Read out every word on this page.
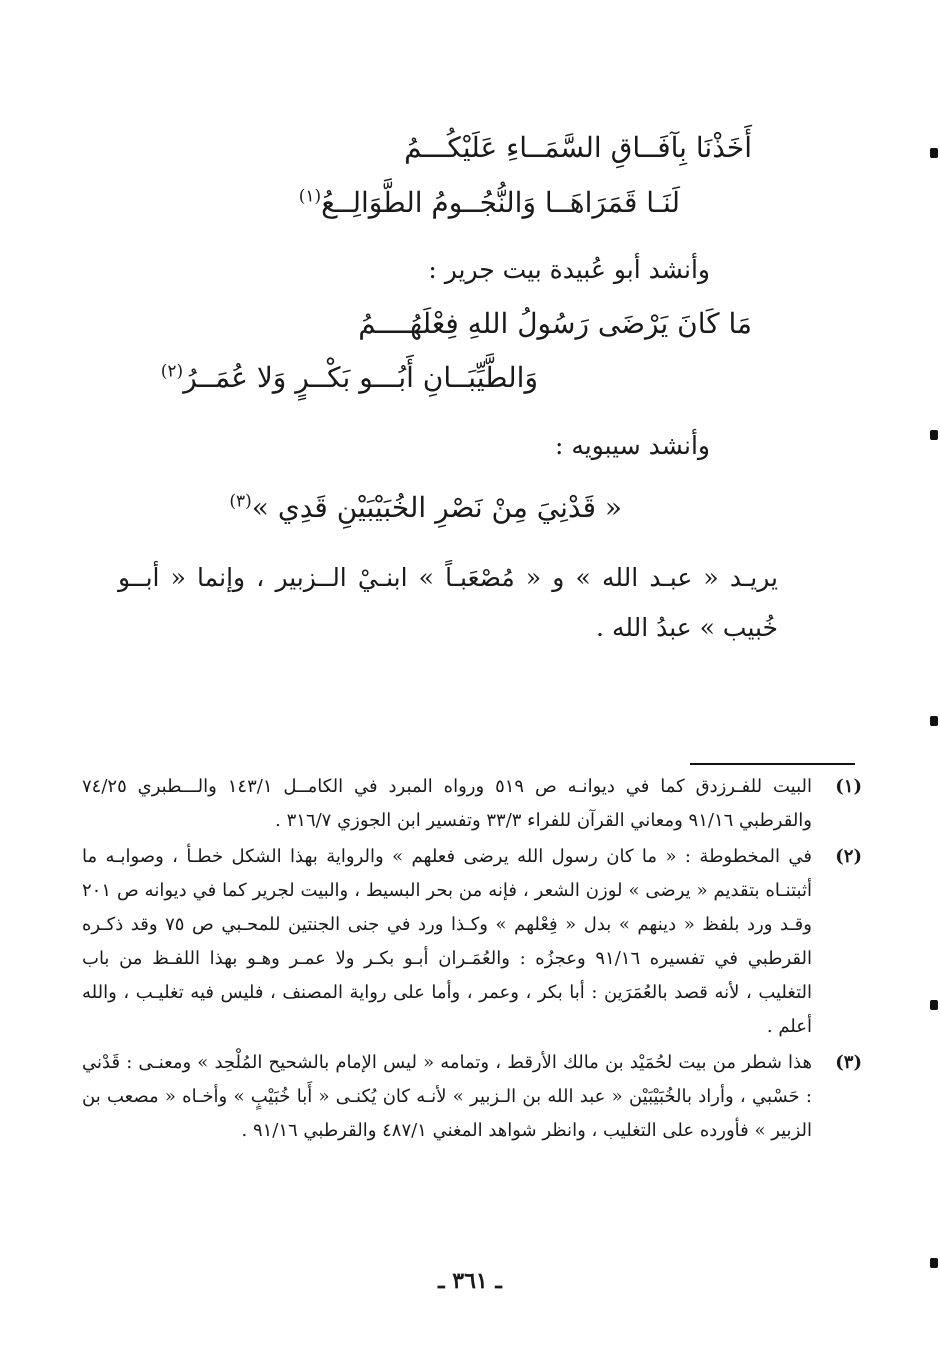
أَخَذْنَا بِآفَــاقِ السَّمَــاءِ عَلَيْكُـــمُ
لَنَـا قَمَرَاهَــا وَالنُّجُــومُ الطَّوَالِــعُ$^{(١)}$
وأنشد أبو عُبيدة بيت جرير :
مَا كَانَ يَرْضَى رَسُولُ اللهِ فِعْلَهُــــمُ
وَالطَّيِّبَــانِ أَبُـــو بَكْــرٍ وَلا عُمَــرُ$^{(٢)}$
وأنشد سيبويه :
« قَدْنِيَ مِنْ نَصْرِ الخُبَيْبَيْنِ قَدِي »$^{(٣)}$
يريـد « عبـد الله » و « مُصْعَبـاً » ابنـيْ الــزبير ، وإنما « أبــو خُبيب » عبدُ الله .
(١)
البيت للفـرزدق كما في ديوانـه ص ٥١٩ ورواه المبرد في الكامــل ١٤٣/١ والـــطبري ٧٤/٢٥ والقرطبي ٩١/١٦ ومعاني القرآن للفراء ٣٣/٣ وتفسير ابن الجوزي ٣١٦/٧ .
(٢)
في المخطوطة : « ما كان رسول الله يرضى فعلهم » والرواية بهذا الشكل خطـأ ، وصوابـه ما أثبتنـاه بتقديم « يرضى » لوزن الشعر ، فإنه من بحر البسيط ، والبيت لجرير كما في ديوانه ص ٢٠١ وقـد ورد بلفظ « دينهم » بدل « فِعْلهم » وكـذا ورد في جنى الجنتين للمحـبي ص ٧٥ وقد ذكـره القرطبي في تفسيره ٩١/١٦ وعجزُه : والعُمَـران أبـو بكـر ولا عمـر وهـو بهذا اللفـظ من باب التغليب ، لأنه قصد بالعُمَرَين : أبا بكر ، وعمر ، وأما على رواية المصنف ، فليس فيه تغليـب ، والله أعلم .
(٣)
هذا شطر من بيت لحُمَيْد بن مالك الأرقط ، وتمامه « ليس الإمام بالشحيح المُلْحِد » ومعنـى : قَدْني : حَسْبي ، وأراد بالخُبَيْبَيْن « عبد الله بن الـزبير » لأنـه كان يُكنـى « أَبا خُبَيْبٍ » وأخـاه « مصعب بن الزبير » فأورده على التغليب ، وانظر شواهد المغني ٤٨٧/١ والقرطبي ٩١/١٦ .
ـ ٣٦١ ـ
